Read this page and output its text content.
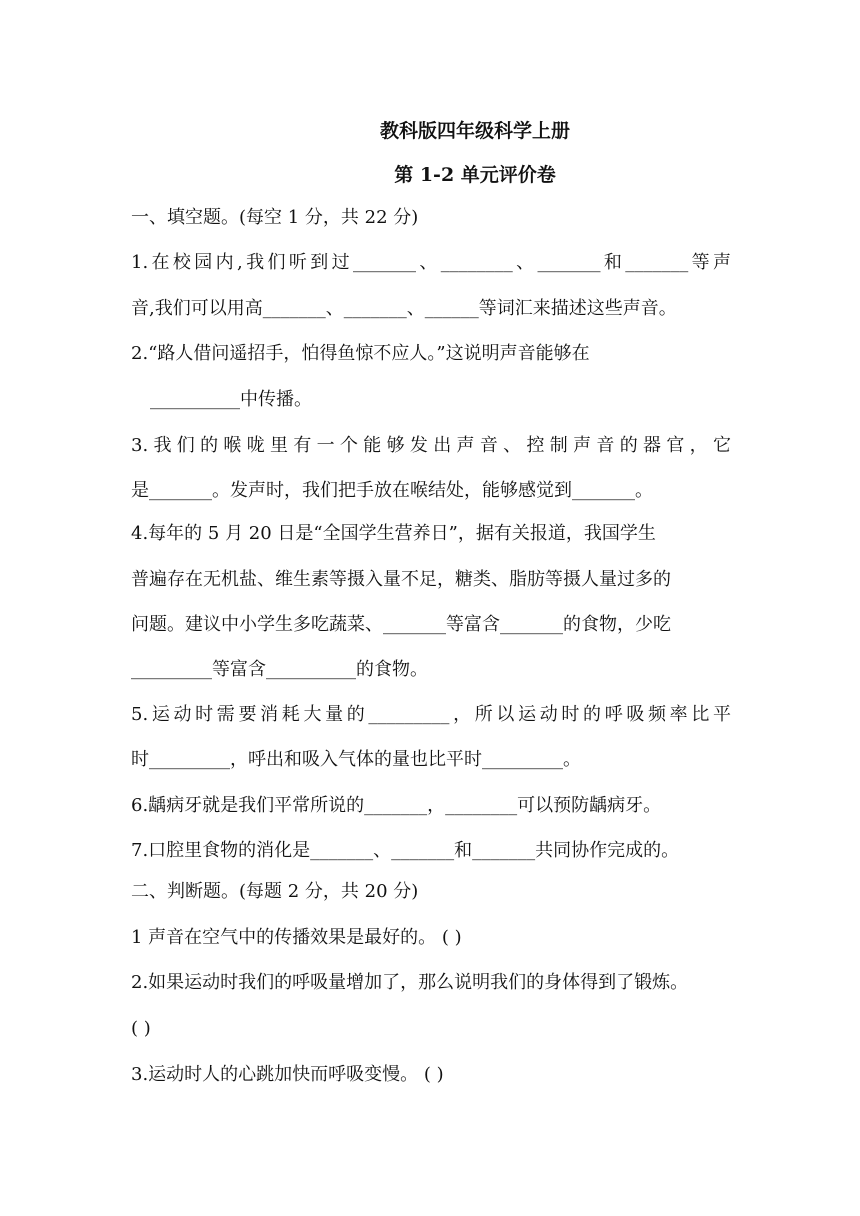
教科版四年级科学上册
第 1-2 单元评价卷
一、填空题。(每空 1 分，共 22 分)
1.在校园内,我们听到过_______、________、_______和_______等声
音,我们可以用高_______、_______、______等词汇来描述这些声音。
2.“路人借问遥招手，怕得鱼惊不应人。”这说明声音能够在
__________中传播。
3.我们的喉咙里有一个能够发出声音、控制声音的器官，它
是_______。发声时，我们把手放在喉结处，能够感觉到_______。
4.每年的 5 月 20 日是“全国学生营养日”，据有关报道，我国学生
普遍存在无机盐、维生素等摄入量不足，糖类、脂肪等摄人量过多的
问题。建议中小学生多吃蔬菜、_______等富含_______的食物，少吃
_________等富含__________的食物。
5.运动时需要消耗大量的_________，所以运动时的呼吸频率比平
时_________，呼出和吸入气体的量也比平时_________。
6.龋病牙就是我们平常所说的_______，________可以预防龋病牙。
7.口腔里食物的消化是_______、_______和_______共同协作完成的。
二、判断题。(每题 2 分，共 20 分)
1 声音在空气中的传播效果是最好的。 ( )
2.如果运动时我们的呼吸量增加了，那么说明我们的身体得到了锻炼。
( )
3.运动时人的心跳加快而呼吸变慢。 ( )
